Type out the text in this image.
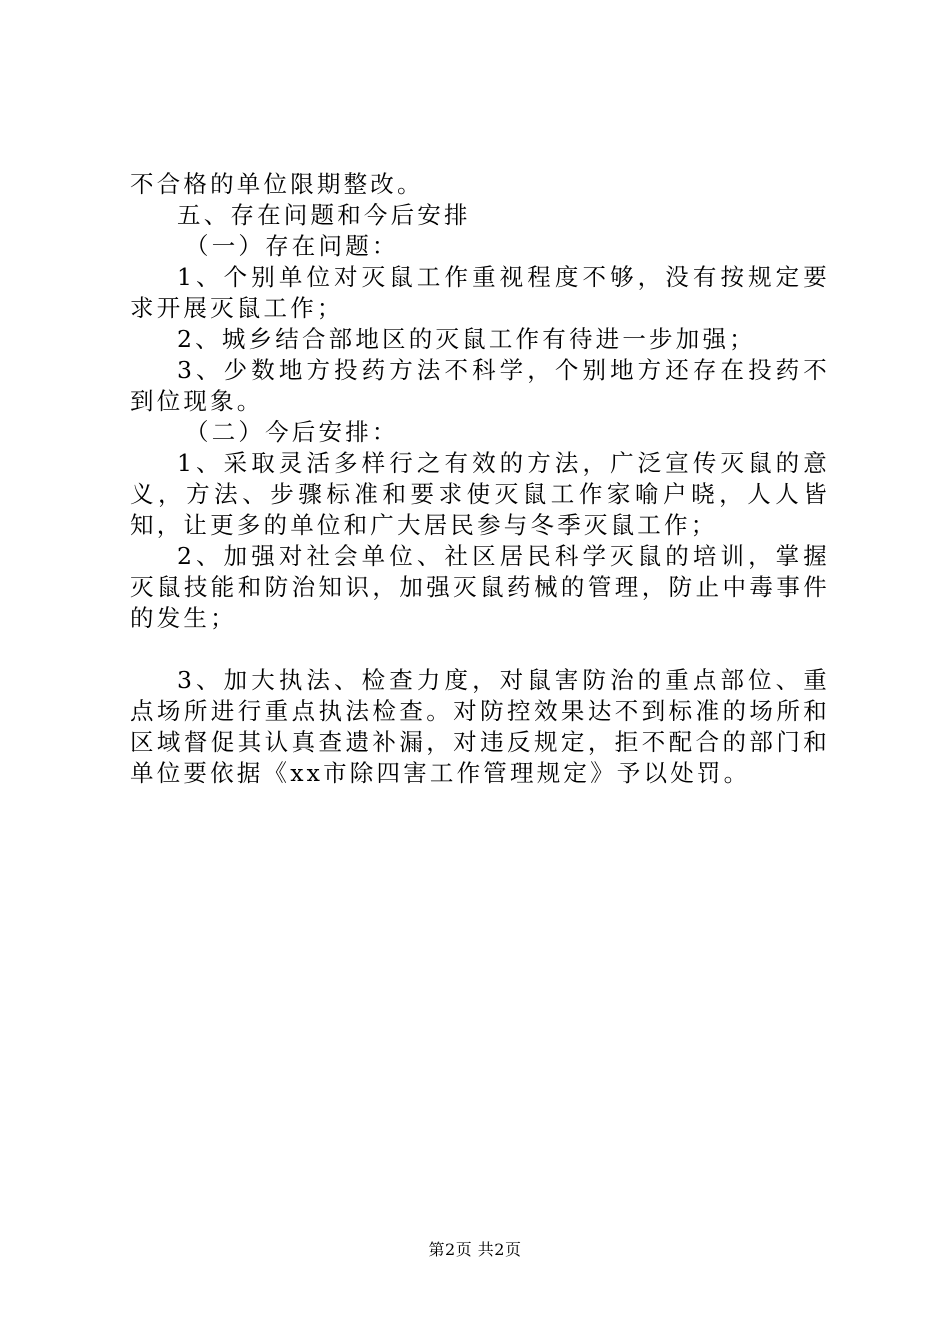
不合格的单位限期整改。

五、存在问题和今后安排

（一）存在问题：

1、个别单位对灭鼠工作重视程度不够，没有按规定要求开展灭鼠工作；

2、城乡结合部地区的灭鼠工作有待进一步加强；

3、少数地方投药方法不科学，个别地方还存在投药不到位现象。

（二）今后安排：

1、采取灵活多样行之有效的方法，广泛宣传灭鼠的意义，方法、步骤标准和要求使灭鼠工作家喻户晓，人人皆知，让更多的单位和广大居民参与冬季灭鼠工作；

2、加强对社会单位、社区居民科学灭鼠的培训，掌握灭鼠技能和防治知识，加强灭鼠药械的管理，防止中毒事件的发生；

3、加大执法、检查力度，对鼠害防治的重点部位、重点场所进行重点执法检查。对防控效果达不到标准的场所和区域督促其认真查遗补漏，对违反规定，拒不配合的部门和单位要依据《xx市除四害工作管理规定》予以处罚。

第2页 共2页
